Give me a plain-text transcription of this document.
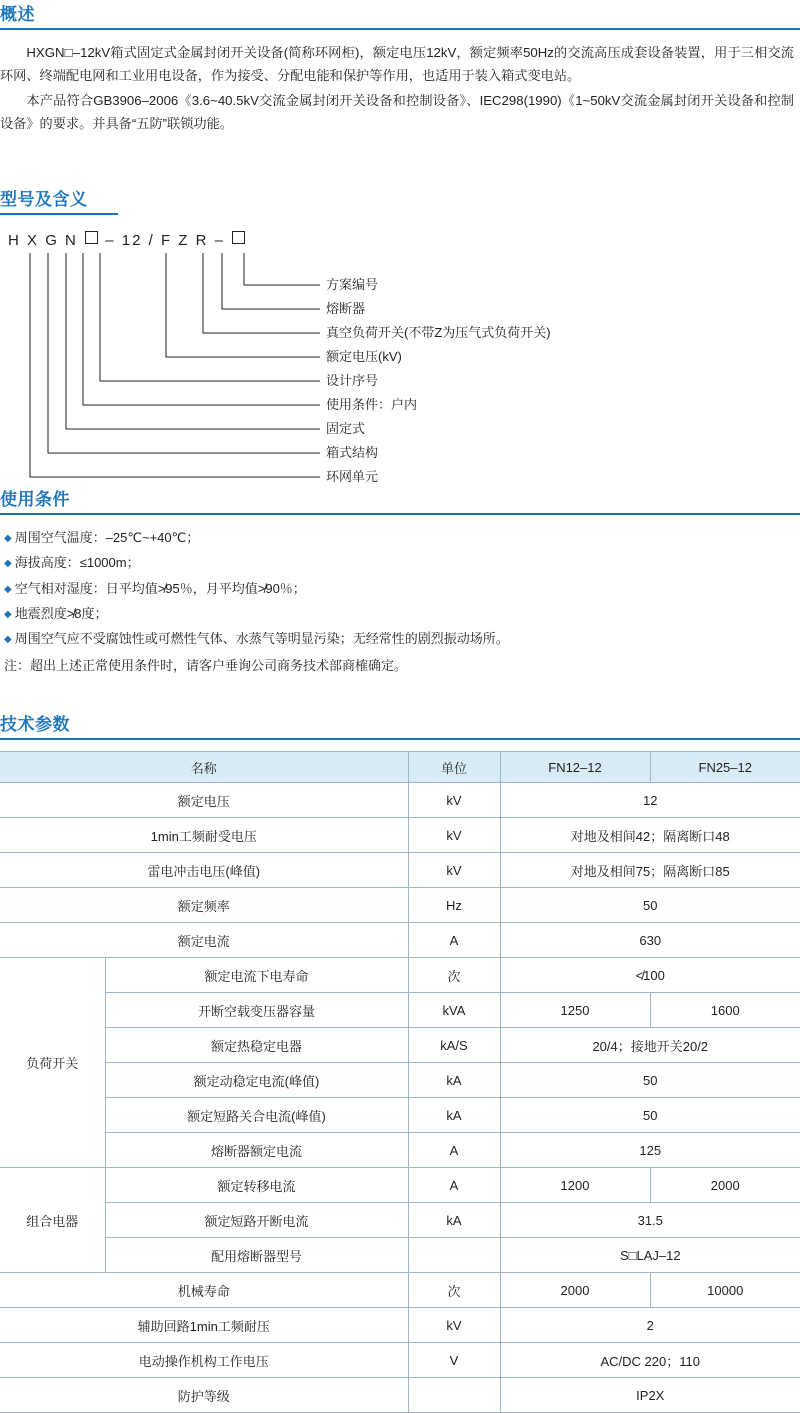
概述

HXGN□–12kV箱式固定式金属封闭开关设备(简称环网柜)，额定电压12kV，额定频率50Hz的交流高压成套设备装置，用于三相交流环网、终端配电网和工业用电设备，作为接受、分配电能和保护等作用，也适用于装入箱式变电站。

本产品符合GB3906–2006《3.6~40.5kV交流金属封闭开关设备和控制设备》、IEC298(1990)《1~50kV交流金属封闭开关设备和控制设备》的要求。并具备“五防”联锁功能。

型号及含义
H X G N – 12 / F Z R –
方案编号
熔断器
真空负荷开关(不带Z为压气式负荷开关)
额定电压(kV)
设计序号
使用条件：户内
固定式
箱式结构
环网单元
使用条件
◆ 周围空气温度：–25℃~+40℃；
◆ 海拔高度：≤1000m；
◆ 空气相对湿度：日平均值≯95％，月平均值≯90％；
◆ 地震烈度≯8度；
◆ 周围空气应不受腐蚀性或可燃性气体、水蒸气等明显污染；无经常性的剧烈振动场所。
注：超出上述正常使用条件时，请客户垂询公司商务技术部商榷确定。
技术参数
名称		单位	FN12–12	FN25–12
额定电压		kV	12	
1min工频耐受电压		kV	对地及相间42；隔离断口48	
雷电冲击电压(峰值)		kV	对地及相间75；隔离断口85	
额定频率		Hz	50	
额定电流		A	630	
负荷开关	额定电流下电寿命	次	≮100	
	开断空载变压器容量	kVA	1250	1600
	额定热稳定电器	kA/S	20/4；接地开关20/2	
	额定动稳定电流(峰值)	kA	50	
	额定短路关合电流(峰值)	kA	50	
	熔断器额定电流	A	125	
组合电器	额定转移电流	A	1200	2000
	额定短路开断电流	kA	31.5	
	配用熔断器型号		S□LAJ–12	
机械寿命		次	2000	10000
辅助回路1min工频耐压		kV	2	
电动操作机构工作电压		V	AC/DC 220；110	
防护等级			IP2X	
